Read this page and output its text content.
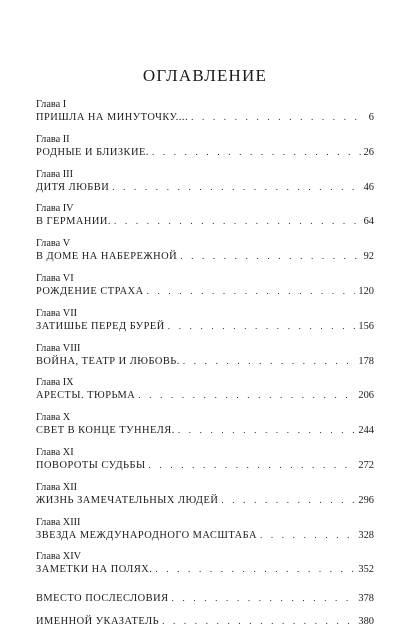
ОГЛАВЛЕНИЕ
Глава I
ПРИШЛА НА МИНУТОЧКУ.... . . .	6
Глава II
РОДНЫЕ И БЛИЗКИЕ. . . .	26
Глава III
ДИТЯ ЛЮБВИ . . .	46
Глава IV
В ГЕРМАНИИ. . . .	64
Глава V
В ДОМЕ НА НАБЕРЕЖНОЙ . . .	92
Глава VI
РОЖДЕНИЕ СТРАХА . . .	120
Глава VII
ЗАТИШЬЕ ПЕРЕД БУРЕЙ . . .	156
Глава VIII
ВОЙНА, ТЕАТР И ЛЮБОВЬ. . . .	178
Глава IX
АРЕСТЫ. ТЮРЬМА . . .	206
Глава X
СВЕТ В КОНЦЕ ТУННЕЛЯ. . . .	244
Глава XI
ПОВОРОТЫ СУДЬБЫ . . .	272
Глава XII
ЖИЗНЬ ЗАМЕЧАТЕЛЬНЫХ ЛЮДЕЙ . . .	296
Глава XIII
ЗВЕЗДА МЕЖДУНАРОДНОГО МАСШТАБА . . .	328
Глава XIV
ЗАМЕТКИ НА ПОЛЯХ. . . .	352
ВМЕСТО ПОСЛЕСЛОВИЯ . . .	378
ИМЕННОЙ УКАЗАТЕЛЬ . . .	380
